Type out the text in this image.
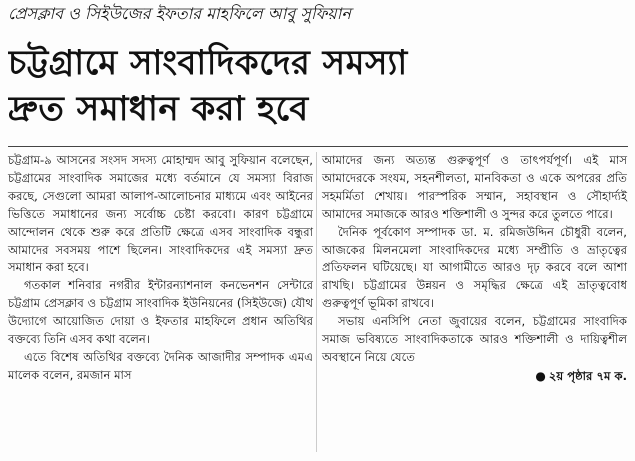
প্রেসক্লাব ও সিইউজের ইফতার মাহফিলে আবু সুফিয়ান
চট্টগ্রামে সাংবাদিকদের সমস্যা
দ্রুত সমাধান করা হবে

চট্টগ্রাম-৯ আসনের সংসদ সদস্য মোহাম্মদ আবু সুফিয়ান বলেছেন, চট্টগ্রামের সাংবাদিক সমাজের মধ্যে বর্তমানে যে সমস্যা বিরাজ করছে, সেগুলো আমরা আলাপ-আলোচনার মাধ্যমে এবং আইনের ভিত্তিতে সমাধানের জন্য সর্বোচ্চ চেষ্টা করবো। কারণ চট্টগ্রামে আন্দোলন থেকে শুরু করে প্রতিটি ক্ষেত্রে এসব সাংবাদিক বন্ধুরা আমাদের সবসময় পাশে ছিলেন। সাংবাদিকদের এই সমস্যা দ্রুত সমাধান করা হবে।

গতকাল শনিবার নগরীর ইন্টারন্যাশনাল কনভেনশন সেন্টারে চট্টগ্রাম প্রেসক্লাব ও চট্টগ্রাম সাংবাদিক ইউনিয়নের (সিইউজে) যৌথ উদ্যোগে আয়োজিত দোয়া ও ইফতার মাহফিলে প্রধান অতিথির বক্তব্যে তিনি এসব কথা বলেন।

এতে বিশেষ অতিথির বক্তব্যে দৈনিক আজাদীর সম্পাদক এমএ মালেক বলেন, রমজান মাস

আমাদের জন্য অত্যন্ত গুরুত্বপূর্ণ ও তাৎপর্যপূর্ণ। এই মাস আমাদেরকে সংযম, সহনশীলতা, মানবিকতা ও একে অপরের প্রতি সহমর্মিতা শেখায়। পারস্পরিক সম্মান, সহাবস্থান ও সৌহার্দ্যই আমাদের সমাজকে আরও শক্তিশালী ও সুন্দর করে তুলতে পারে।

দৈনিক পূর্বকোণ সম্পাদক ডা. ম. রমিজউদ্দিন চৌধুরী বলেন, আজকের মিলনমেলা সাংবাদিকদের মধ্যে সম্প্রীতি ও ভ্রাতৃত্বের প্রতিফলন ঘটিয়েছে। যা আগামীতে আরও দৃঢ় করবে বলে আশা রাখছি। চট্টগ্রামের উন্নয়ন ও সমৃদ্ধির ক্ষেত্রে এই ভ্রাতৃত্ববোধ গুরুত্বপূর্ণ ভূমিকা রাখবে।

সভায় এনসিপি নেতা জুবায়ের বলেন, চট্টগ্রামের সাংবাদিক সমাজ ভবিষ্যতে সাংবাদিকতাকে আরও শক্তিশালী ও দায়িত্বশীল অবস্থানে নিয়ে যেতে

● ২য় পৃষ্ঠার ৭ম ক.
